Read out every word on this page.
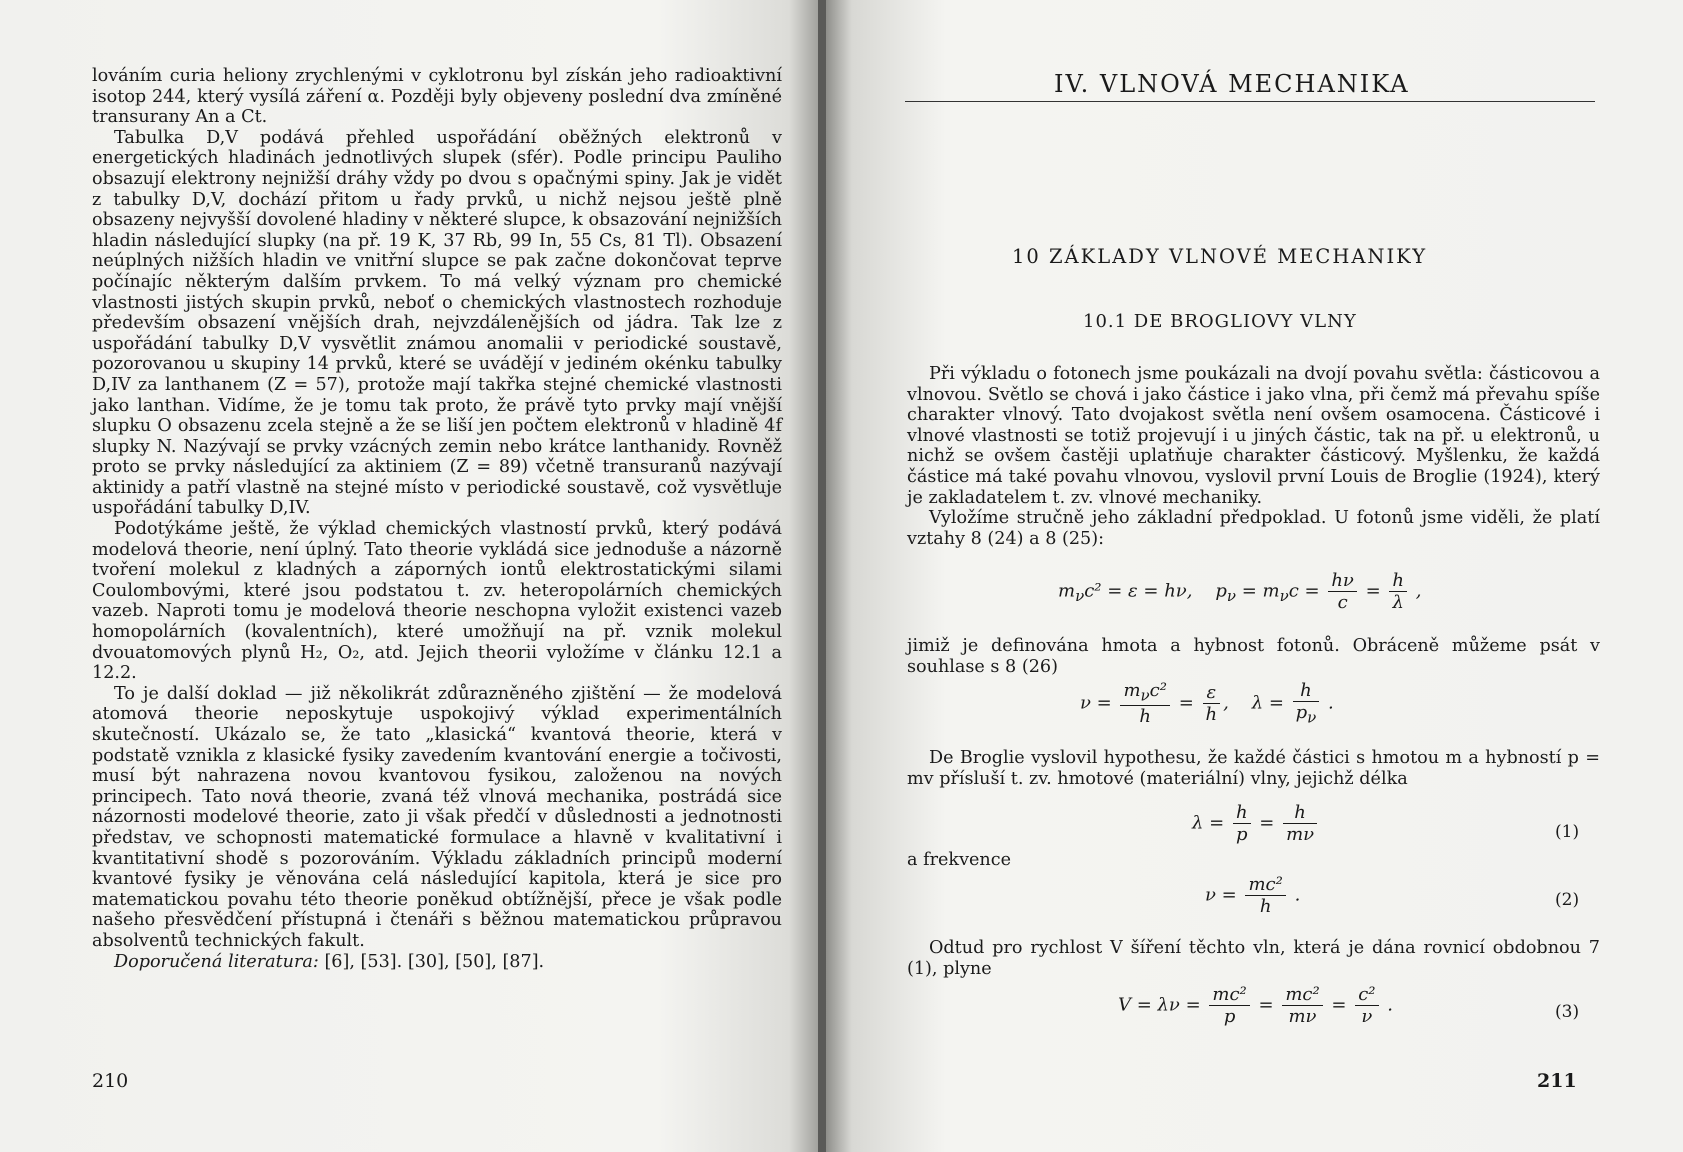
lováním curia heliony zrychlenými v cyklotronu byl získán jeho radioaktivní isotop 244, který vysílá záření α. Později byly objeveny poslední dva zmíněné transurany An a Ct.

Tabulka D,V podává přehled uspořádání oběžných elektronů v energetických hladinách jednotlivých slupek (sfér). Podle principu Pauliho obsazují elektrony nejnižší dráhy vždy po dvou s opačnými spiny. Jak je vidět z tabulky D,V, dochází přitom u řady prvků, u nichž nejsou ještě plně obsazeny nejvyšší dovolené hladiny v některé slupce, k obsazování nejnižších hladin následující slupky (na př. 19 K, 37 Rb, 99 In, 55 Cs, 81 Tl). Obsazení neúplných nižších hladin ve vnitřní slupce se pak začne dokončovat teprve počínajíc některým dalším prvkem. To má velký význam pro chemické vlastnosti jistých skupin prvků, neboť o chemických vlastnostech rozhoduje především obsazení vnějších drah, nejvzdálenějších od jádra. Tak lze z uspořádání tabulky D,V vysvětlit známou anomalii v periodické soustavě, pozorovanou u skupiny 14 prvků, které se uvádějí v jediném okénku tabulky D,IV za lanthanem (Z = 57), protože mají takřka stejné chemické vlastnosti jako lanthan. Vidíme, že je tomu tak proto, že právě tyto prvky mají vnější slupku O obsazenu zcela stejně a že se liší jen počtem elektronů v hladině 4f slupky N. Nazývají se prvky vzácných zemin nebo krátce lanthanidy. Rovněž proto se prvky následující za aktiniem (Z = 89) včetně transuranů nazývají aktinidy a patří vlastně na stejné místo v periodické soustavě, což vysvětluje uspořádání tabulky D,IV.

Podotýkáme ještě, že výklad chemických vlastností prvků, který podává modelová theorie, není úplný. Tato theorie vykládá sice jednoduše a názorně tvoření molekul z kladných a záporných iontů elektrostatickými silami Coulombovými, které jsou podstatou t. zv. heteropolárních chemických vazeb. Naproti tomu je modelová theorie neschopna vyložit existenci vazeb homopolárních (kovalentních), které umožňují na př. vznik molekul dvouatomových plynů H₂, O₂, atd. Jejich theorii vyložíme v článku 12.1 a 12.2.

To je další doklad — již několikrát zdůrazněného zjištění — že modelová atomová theorie neposkytuje uspokojivý výklad experimentálních skutečností. Ukázalo se, že tato „klasická“ kvantová theorie, která v podstatě vznikla z klasické fysiky zavedením kvantování energie a točivosti, musí být nahrazena novou kvantovou fysikou, založenou na nových principech. Tato nová theorie, zvaná též vlnová mechanika, postrádá sice názornosti modelové theorie, zato ji však předčí v důslednosti a jednotnosti představ, ve schopnosti matematické formulace a hlavně v kvalitativní i kvantitativní shodě s pozorováním. Výkladu základních principů moderní kvantové fysiky je věnována celá následující kapitola, která je sice pro matematickou povahu této theorie poněkud obtížnější, přece je však podle našeho přesvědčení přístupná i čtenáři s běžnou matematickou průpravou absolventů technických fakult.

Doporučená literatura: [6], [53]. [30], [50], [87].

210
IV. VLNOVÁ MECHANIKA
10 ZÁKLADY VLNOVÉ MECHANIKY
10.1 DE BROGLIOVY VLNY

Při výkladu o fotonech jsme poukázali na dvojí povahu světla: částicovou a vlnovou. Světlo se chová i jako částice i jako vlna, při čemž má převahu spíše charakter vlnový. Tato dvojakost světla není ovšem osamocena. Částicové i vlnové vlastnosti se totiž projevují i u jiných částic, tak na př. u elektronů, u nichž se ovšem častěji uplatňuje charakter částicový. Myšlenku, že každá částice má také povahu vlnovou, vyslovil první Louis de Broglie (1924), který je zakladatelem t. zv. vlnové mechaniky.

Vyložíme stručně jeho základní předpoklad. U fotonů jsme viděli, že platí vztahy 8 (24) a 8 (25):

$m_\nu c^2 = \varepsilon = h\nu$,    $p_\nu = m_\nu c = \frac{h\nu}{c} = \frac{h}{\lambda}$ ,

jimiž je definována hmota a hybnost fotonů. Obráceně můžeme psát v souhlase s 8 (26)

$\nu = \frac{m_\nu c^2}{h} = \frac{\varepsilon}{h}$ ,    $\lambda = \frac{h}{p_\nu}$ .

De Broglie vyslovil hypothesu, že každé částici s hmotou m a hybností p = mv přísluší t. zv. hmotové (materiální) vlny, jejichž délka

$\lambda = \frac{h}{p} = \frac{h}{m\nu}$	(1)

a frekvence

$\nu = \frac{\text{mc²}}{h}$ .	(2)

Odtud pro rychlost V šíření těchto vln, která je dána rovnicí obdobnou 7 (1), plyne

$V = \lambda\nu = \frac{\text{mc²}}{p} = \frac{\text{mc²}}{m\nu} = \frac{\text{c²}}{\nu}$ .	(3)
211
